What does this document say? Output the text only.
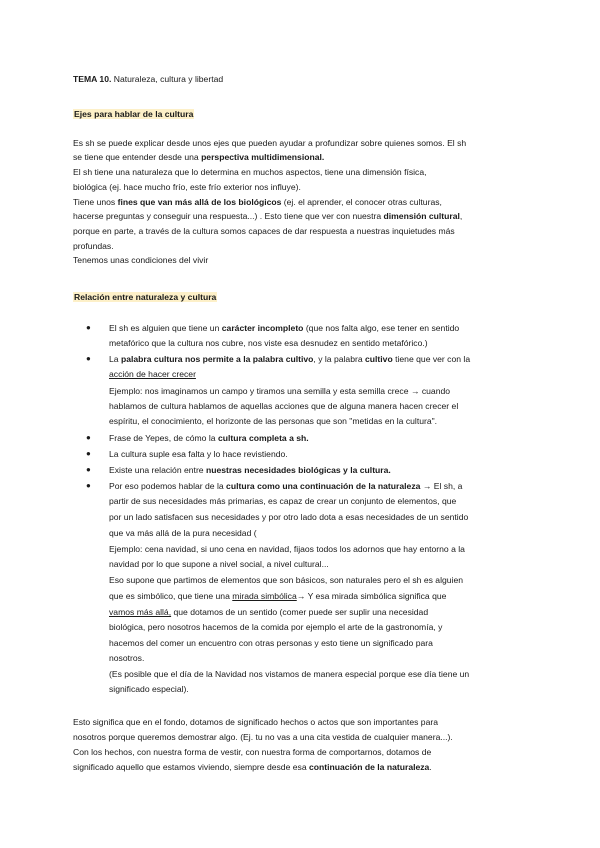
TEMA 10. Naturaleza, cultura y libertad
Ejes para hablar de la cultura
Es sh se puede explicar desde unos ejes que pueden ayudar a profundizar sobre quienes somos. El sh
se tiene que entender desde una perspectiva multidimensional.
El sh tiene una naturaleza que lo determina en muchos aspectos, tiene una dimensión física,
biológica (ej. hace mucho frío, este frío exterior nos influye).
Tiene unos fines que van más allá de los biológicos (ej. el aprender, el conocer otras culturas,
hacerse preguntas y conseguir una respuesta...) . Esto tiene que ver con nuestra dimensión cultural,
porque en parte, a través de la cultura somos capaces de dar respuesta a nuestras inquietudes más
profundas.
Tenemos unas condiciones del vivir
Relación entre naturaleza y cultura
● El sh es alguien que tiene un carácter incompleto (que nos falta algo, ese tener en sentido
metafórico que la cultura nos cubre, nos viste esa desnudez en sentido metafórico.)
● La palabra cultura nos permite a la palabra cultivo, y la palabra cultivo tiene que ver con la
acción de hacer crecer
Ejemplo: nos imaginamos un campo y tiramos una semilla y esta semilla crece → cuando
hablamos de cultura hablamos de aquellas acciones que de alguna manera hacen crecer el
espíritu, el conocimiento, el horizonte de las personas que son "metidas en la cultura".
● Frase de Yepes, de cómo la cultura completa a sh.
● La cultura suple esa falta y lo hace revistiendo.
● Existe una relación entre nuestras necesidades biológicas y la cultura.
● Por eso podemos hablar de la cultura como una continuación de la naturaleza → El sh, a
partir de sus necesidades más primarias, es capaz de crear un conjunto de elementos, que
por un lado satisfacen sus necesidades y por otro lado dota a esas necesidades de un sentido
que va más allá de la pura necesidad (
Ejemplo: cena navidad, si uno cena en navidad, fijaos todos los adornos que hay entorno a la
navidad por lo que supone a nivel social, a nivel cultural...
Eso supone que partimos de elementos que son básicos, son naturales pero el sh es alguien
que es simbólico, que tiene una mirada simbólica→ Y esa mirada simbólica significa que
vamos más allá, que dotamos de un sentido (comer puede ser suplir una necesidad
biológica, pero nosotros hacemos de la comida por ejemplo el arte de la gastronomía, y
hacemos del comer un encuentro con otras personas y esto tiene un significado para
nosotros.
(Es posible que el día de la Navidad nos vistamos de manera especial porque ese día tiene un
significado especial).
Esto significa que en el fondo, dotamos de significado hechos o actos que son importantes para
nosotros porque queremos demostrar algo. (Ej. tu no vas a una cita vestida de cualquier manera...).
Con los hechos, con nuestra forma de vestir, con nuestra forma de comportarnos, dotamos de
significado aquello que estamos viviendo, siempre desde esa continuación de la naturaleza.
